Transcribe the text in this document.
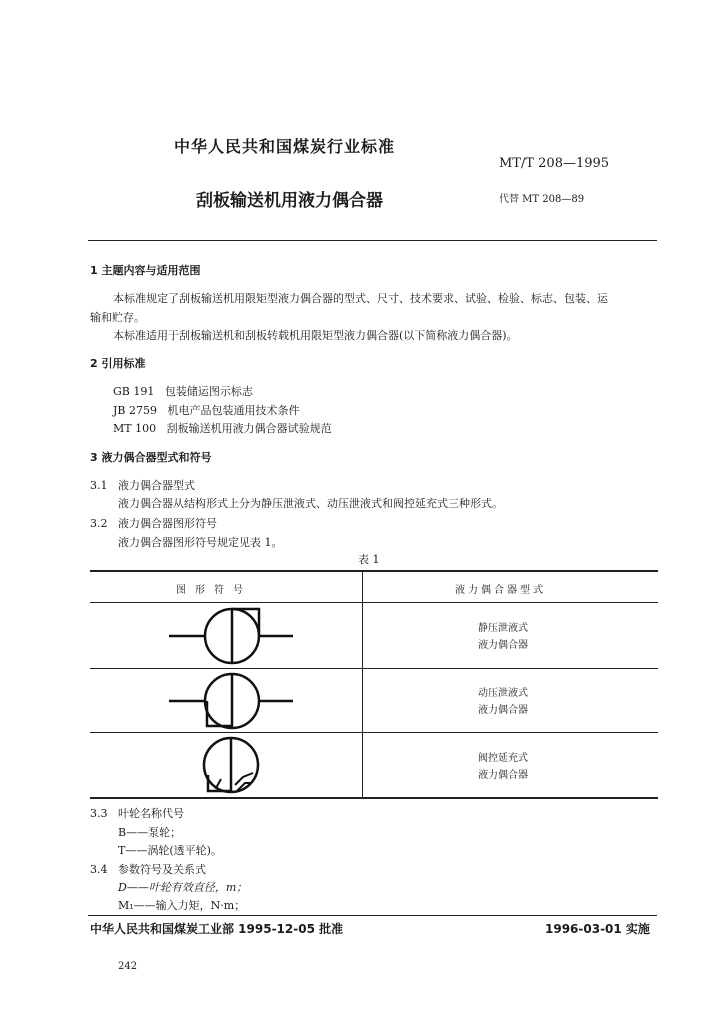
中华人民共和国煤炭行业标准
MT/T 208—1995
刮板输送机用液力偶合器	代替 MT 208—89
1 主题内容与适用范围
本标准规定了刮板输送机用限矩型液力偶合器的型式、尺寸、技术要求、试验、检验、标志、包装、运
输和贮存。
本标准适用于刮板输送机和刮板转载机用限矩型液力偶合器(以下简称液力偶合器)。
2 引用标准
GB 191   包装储运图示标志
JB 2759   机电产品包装通用技术条件
MT 100   刮板输送机用液力偶合器试验规范
3 液力偶合器型式和符号
3.1   液力偶合器型式
液力偶合器从结构形式上分为静压泄液式、动压泄液式和阀控延充式三种形式。
3.2   液力偶合器图形符号
液力偶合器图形符号规定见表 1。
表 1
图形符号	液力偶合器型式
静压泄液式
液力偶合器
动压泄液式
液力偶合器
阀控延充式
液力偶合器
3.3   叶轮名称代号
B——泵轮；
T——涡轮(透平轮)。
3.4   参数符号及关系式
D——叶轮有效直径，m；
M₁——输入力矩，N·m；
中华人民共和国煤炭工业部 1995-12-05 批准	1996-03-01 实施
242
